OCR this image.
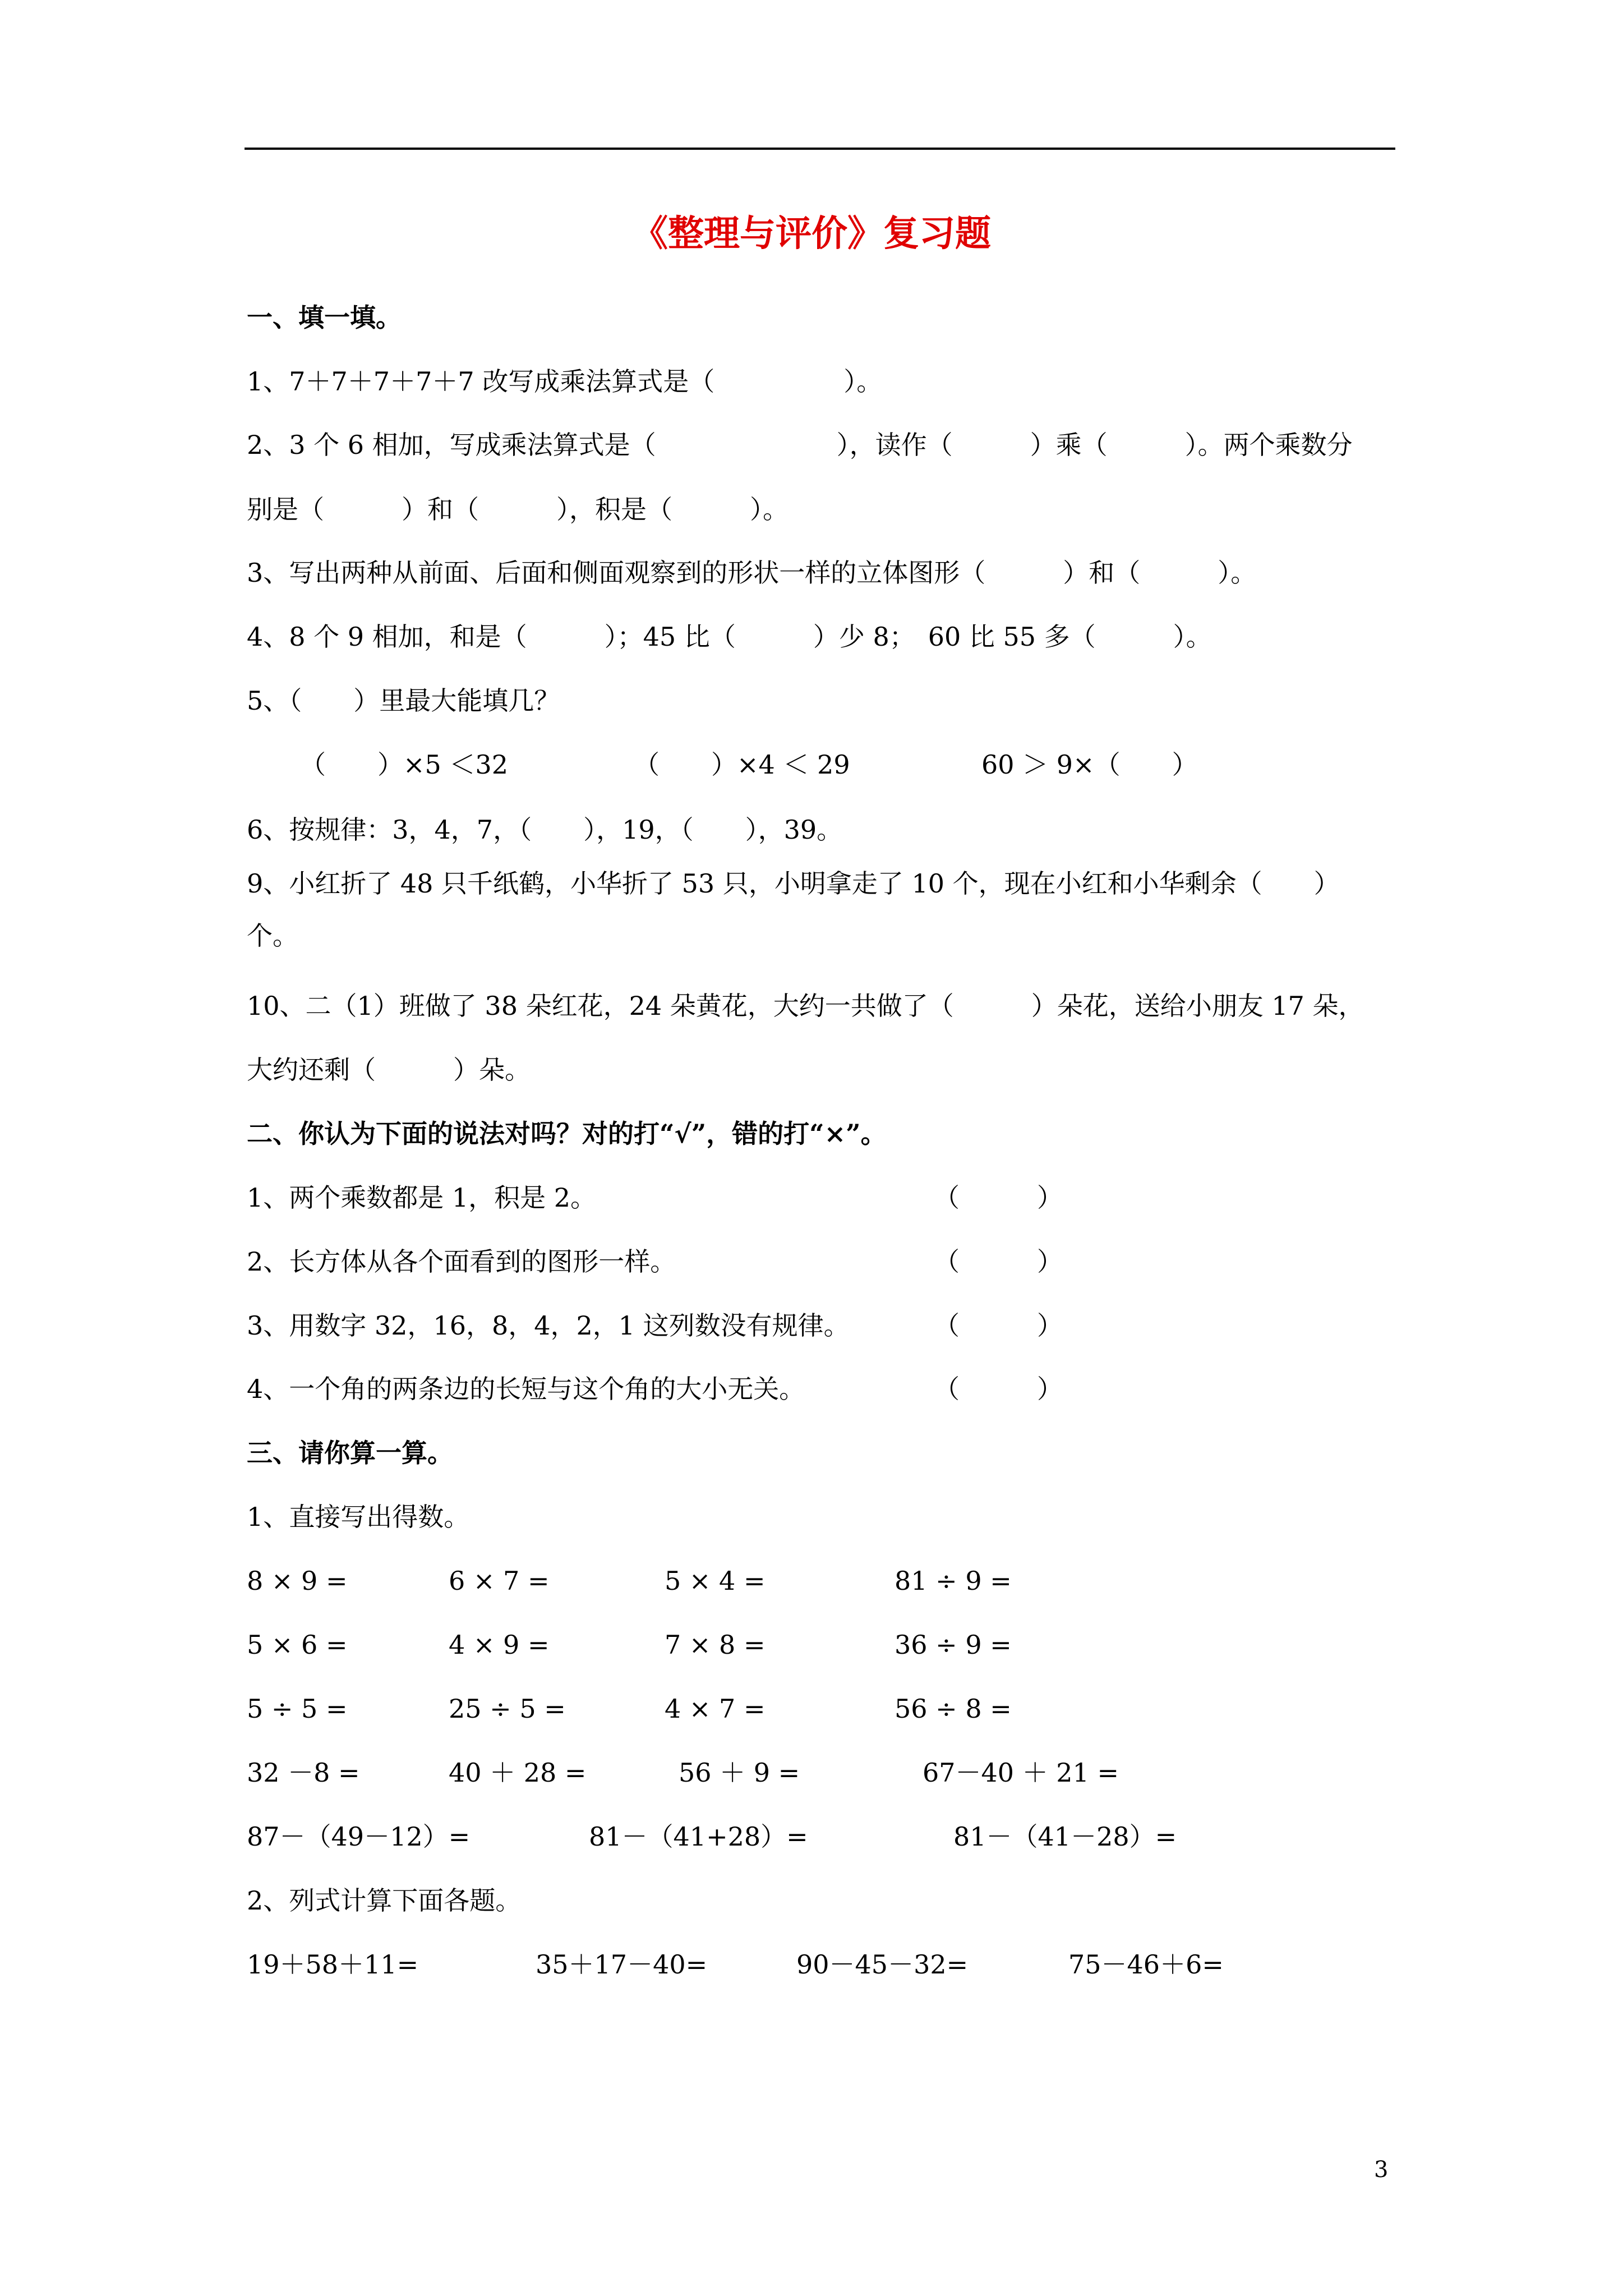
《整理与评价》复习题
一、填一填。
1、7＋7＋7＋7＋7 改写成乘法算式是（　　　　　）。
2、3 个 6 相加，写成乘法算式是（　　　　　　　），读作（　　　）乘（　　　）。两个乘数分
别是（　　　）和（　　　），积是（　　　）。
3、写出两种从前面、后面和侧面观察到的形状一样的立体图形（　　　）和（　　　）。
4、8 个 9 相加，和是（　　　）；45 比（　　　）少 8；　60 比 55 多（　　　）。
5、（　　）里最大能填几？
（　　）×5 ＜32	（　　）×4 ＜ 29	60 ＞ 9×（　　）
6、按规律：3，4，7，（　　），19，（　　），39。
9、小红折了 48 只千纸鹤，小华折了 53 只，小明拿走了 10 个，现在小红和小华剩余（　　）
个。
10、二（1）班做了 38 朵红花，24 朵黄花，大约一共做了（　　　）朵花，送给小朋友 17 朵，
大约还剩（　　　）朵。
二、你认为下面的说法对吗？对的打“√”，错的打“×”。
1、两个乘数都是 1，积是 2。	（　　　）
2、长方体从各个面看到的图形一样。	（　　　）
3、用数字 32，16，8，4，2，1 这列数没有规律。	（　　　）
4、一个角的两条边的长短与这个角的大小无关。	（　　　）
三、请你算一算。
1、直接写出得数。
8 × 9 =	6 × 7 =	5 × 4 =	81 ÷ 9 =
5 × 6 =	4 × 9 =	7 × 8 =	36 ÷ 9 =
5 ÷ 5 =	25 ÷ 5 =	4 × 7 =	56 ÷ 8 =
32 －8 =	40 ＋ 28 =	56 ＋ 9 =	67－40 ＋ 21 =
87－（49－12）=	81－（41+28）=	81－（41－28）=
2、列式计算下面各题。
19＋58＋11=	35＋17－40=	90－45－32=	75－46＋6=
3
